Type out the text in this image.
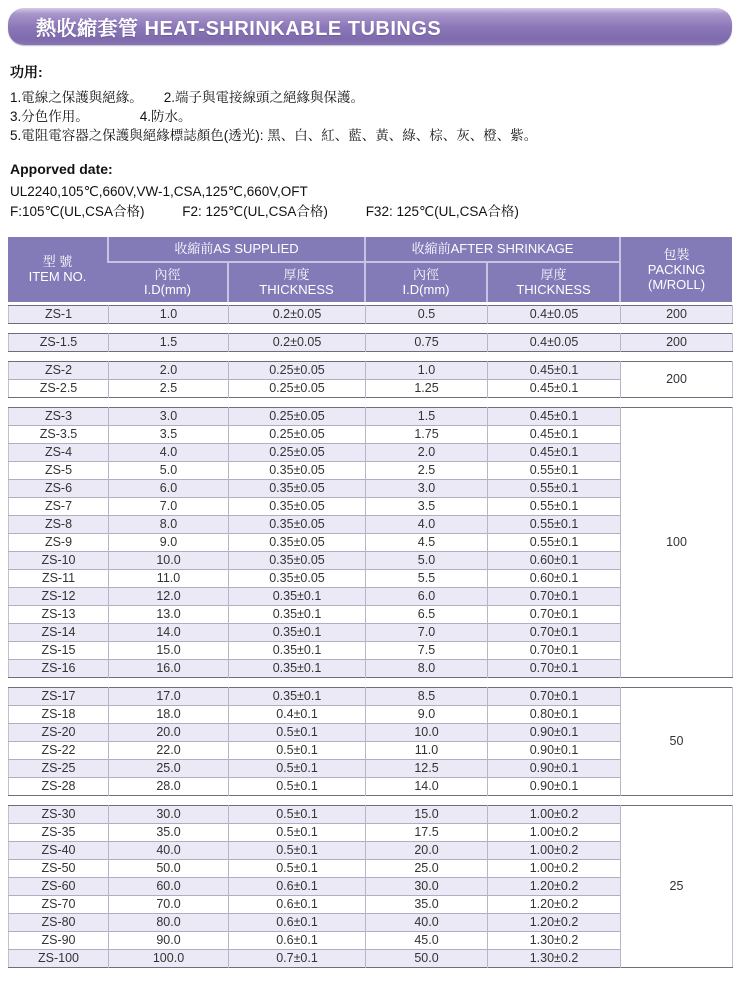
熱收縮套管 HEAT-SHRINKABLE TUBINGS
功用:

1.電線之保護與絕緣。 2.端子與電接線頭之絕緣與保護。

3.分色作用。	4.防水。

5.電阻電容器之保護與絕緣標誌顏色(透光): 黑、白、紅、藍、黃、綠、棕、灰、橙、紫。

Apporved date:

UL2240,105℃,660V,VW-1,CSA,125℃,660V,OFT

F:105℃(UL,CSA合格)	F2: 125℃(UL,CSA合格)	F32: 125℃(UL,CSA合格)

型 號
ITEM NO.	收縮前AS SUPPLIED		收縮前AFTER SHRINKAGE		包裝
PACKING
(M/ROLL)

	內徑
I.D(mm)	厚度
THICKNESS	內徑
I.D(mm)	厚度
THICKNESS	
ZS-1	1.0	0.2±0.05	0.5	0.4±0.05	200
ZS-1.5	1.5	0.2±0.05	0.75	0.4±0.05	200
ZS-2	2.0	0.25±0.05	1.0	0.45±0.1	200
ZS-2.5	2.5	0.25±0.05	1.25	0.45±0.1	
ZS-3	3.0	0.25±0.05	1.5	0.45±0.1	100
ZS-3.5	3.5	0.25±0.05	1.75	0.45±0.1	
ZS-4	4.0	0.25±0.05	2.0	0.45±0.1	
ZS-5	5.0	0.35±0.05	2.5	0.55±0.1	
ZS-6	6.0	0.35±0.05	3.0	0.55±0.1	
ZS-7	7.0	0.35±0.05	3.5	0.55±0.1	
ZS-8	8.0	0.35±0.05	4.0	0.55±0.1	
ZS-9	9.0	0.35±0.05	4.5	0.55±0.1	
ZS-10	10.0	0.35±0.05	5.0	0.60±0.1	
ZS-11	11.0	0.35±0.05	5.5	0.60±0.1	
ZS-12	12.0	0.35±0.1	6.0	0.70±0.1	
ZS-13	13.0	0.35±0.1	6.5	0.70±0.1	
ZS-14	14.0	0.35±0.1	7.0	0.70±0.1	
ZS-15	15.0	0.35±0.1	7.5	0.70±0.1	
ZS-16	16.0	0.35±0.1	8.0	0.70±0.1	
ZS-17	17.0	0.35±0.1	8.5	0.70±0.1	50
ZS-18	18.0	0.4±0.1	9.0	0.80±0.1	
ZS-20	20.0	0.5±0.1	10.0	0.90±0.1	
ZS-22	22.0	0.5±0.1	11.0	0.90±0.1	
ZS-25	25.0	0.5±0.1	12.5	0.90±0.1	
ZS-28	28.0	0.5±0.1	14.0	0.90±0.1	
ZS-30	30.0	0.5±0.1	15.0	1.00±0.2	25
ZS-35	35.0	0.5±0.1	17.5	1.00±0.2	
ZS-40	40.0	0.5±0.1	20.0	1.00±0.2	
ZS-50	50.0	0.5±0.1	25.0	1.00±0.2	
ZS-60	60.0	0.6±0.1	30.0	1.20±0.2	
ZS-70	70.0	0.6±0.1	35.0	1.20±0.2	
ZS-80	80.0	0.6±0.1	40.0	1.20±0.2	
ZS-90	90.0	0.6±0.1	45.0	1.30±0.2	
ZS-100	100.0	0.7±0.1	50.0	1.30±0.2	
